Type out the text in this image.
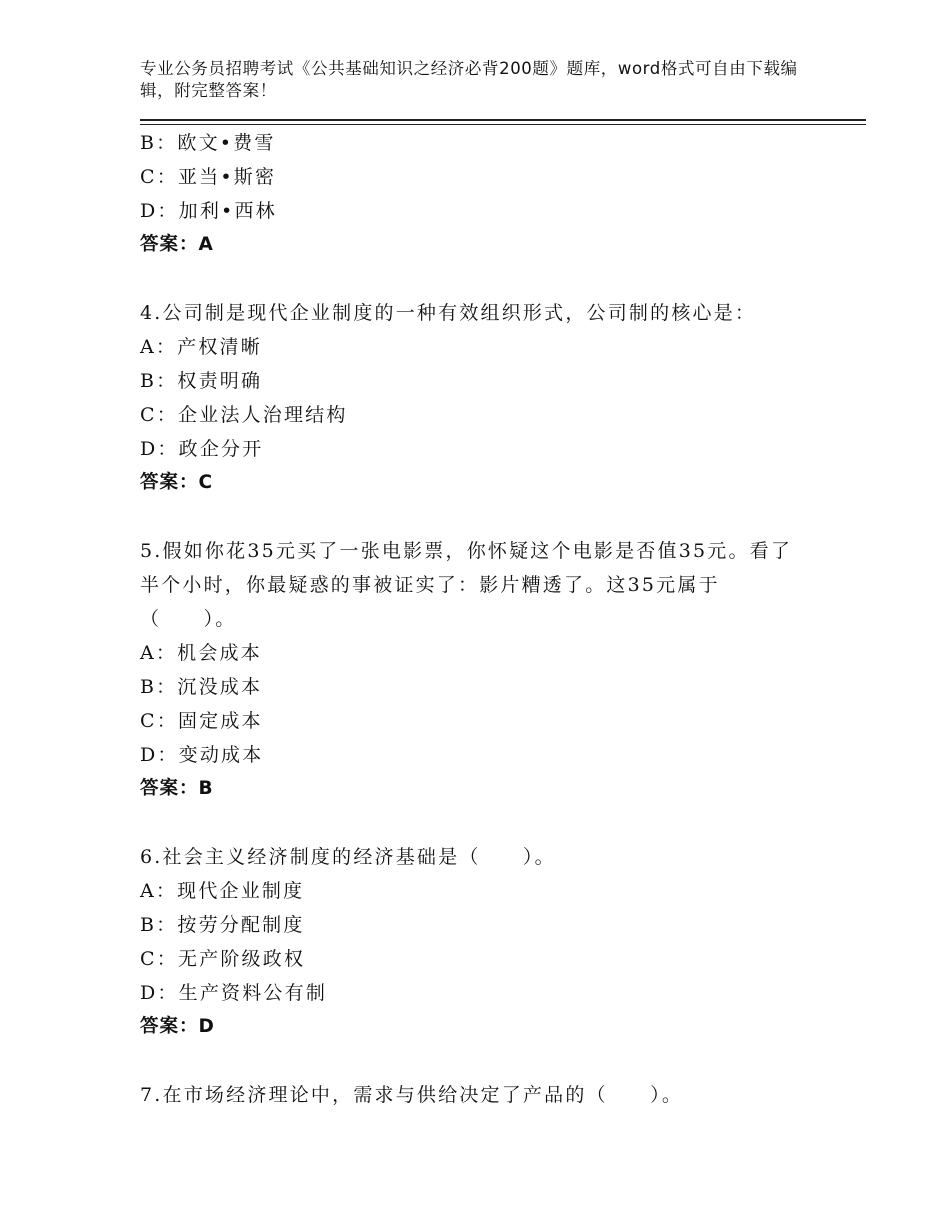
专业公务员招聘考试《公共基础知识之经济必背200题》题库，word格式可自由下载编辑，附完整答案！
B：欧文•费雪
C：亚当•斯密
D：加利•西林
答案：A
4.公司制是现代企业制度的一种有效组织形式，公司制的核心是：
A：产权清晰
B：权责明确
C：企业法人治理结构
D：政企分开
答案：C
5.假如你花35元买了一张电影票，你怀疑这个电影是否值35元。看了
半个小时，你最疑惑的事被证实了：影片糟透了。这35元属于
（　　）。
A：机会成本
B：沉没成本
C：固定成本
D：变动成本
答案：B
6.社会主义经济制度的经济基础是（　　）。
A：现代企业制度
B：按劳分配制度
C：无产阶级政权
D：生产资料公有制
答案：D
7.在市场经济理论中，需求与供给决定了产品的（　　）。
